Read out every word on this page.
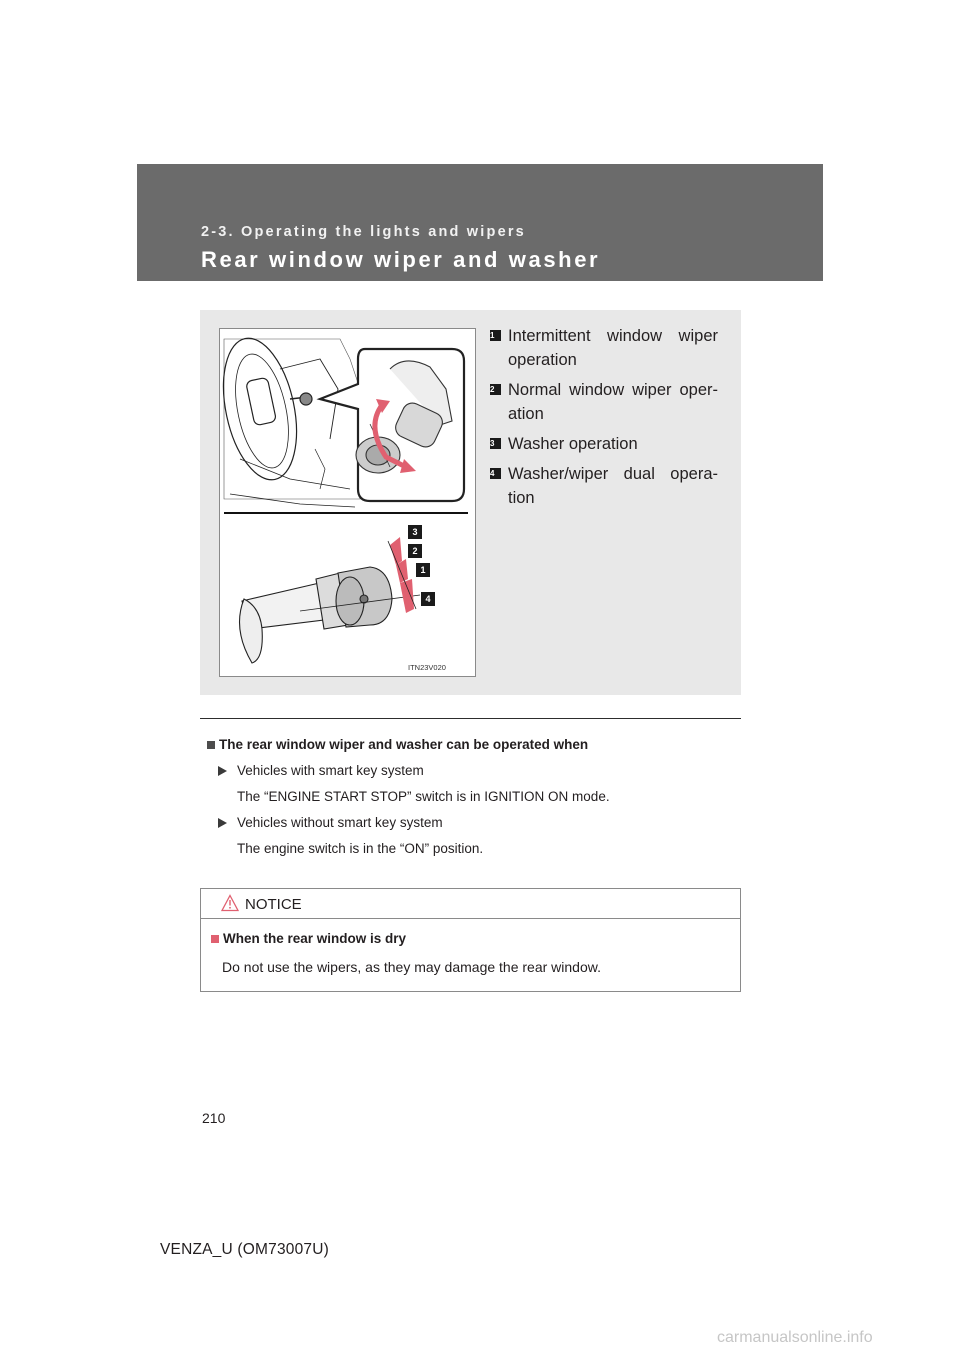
2-3. Operating the lights and wipers
Rear window wiper and washer
3
2
1
4
ITN23V020
1 Intermittent window wiper operation
2 Normal window wiper oper-ation
3 Washer operation
4 Washer/wiper dual opera-tion
The rear window wiper and washer can be operated when
Vehicles with smart key system
The “ENGINE START STOP” switch is in IGNITION ON mode.
Vehicles without smart key system
The engine switch is in the “ON” position.
NOTICE
When the rear window is dry
Do not use the wipers, as they may damage the rear window.
210
VENZA_U (OM73007U)
carmanualsonline.info
